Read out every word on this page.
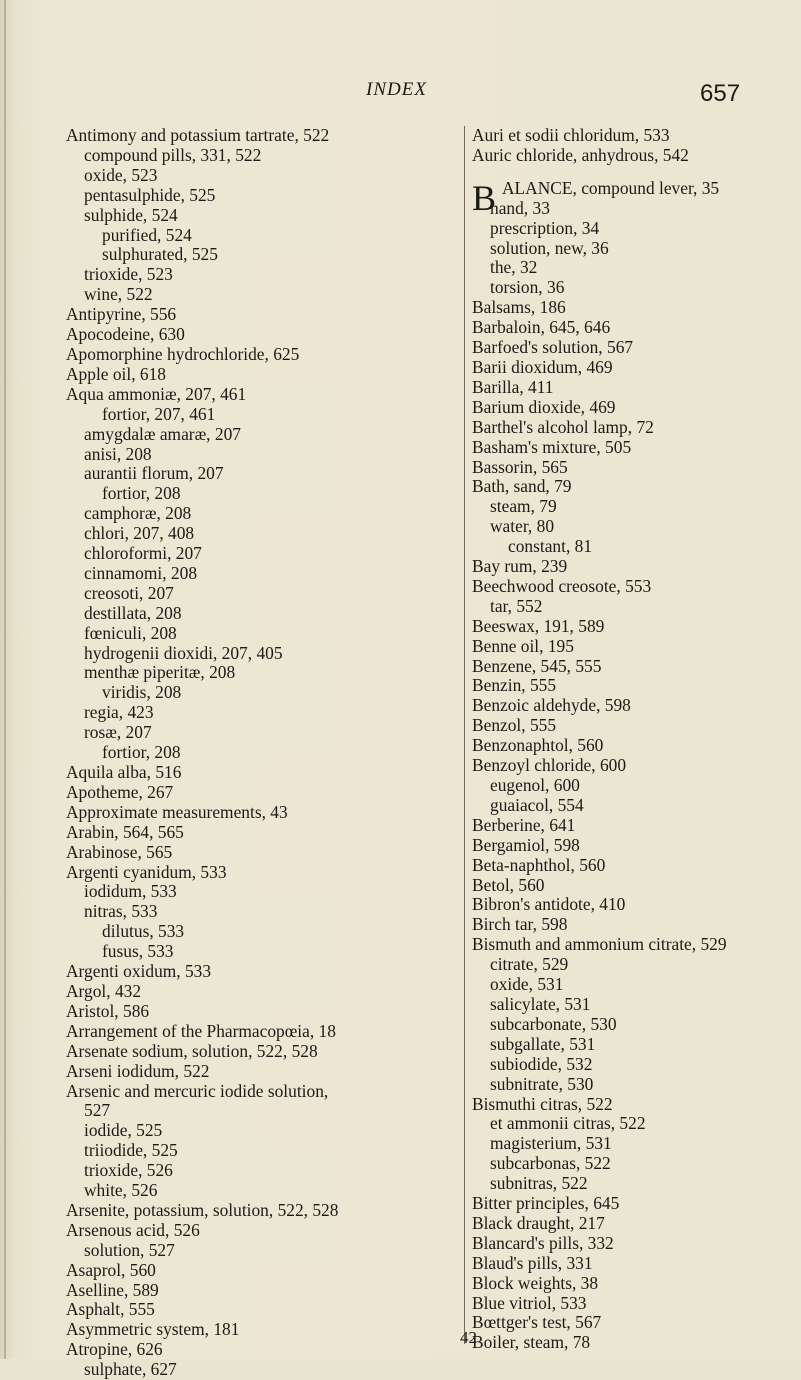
INDEX	657
Antimony and potassium tartrate, 522
compound pills, 331, 522
oxide, 523
pentasulphide, 525
sulphide, 524
purified, 524
sulphurated, 525
trioxide, 523
wine, 522
Antipyrine, 556
Apocodeine, 630
Apomorphine hydrochloride, 625
Apple oil, 618
Aqua ammoniæ, 207, 461
fortior, 207, 461
amygdalæ amaræ, 207
anisi, 208
aurantii florum, 207
fortior, 208
camphoræ, 208
chlori, 207, 408
chloroformi, 207
cinnamomi, 208
creosoti, 207
destillata, 208
fœniculi, 208
hydrogenii dioxidi, 207, 405
menthæ piperitæ, 208
viridis, 208
regia, 423
rosæ, 207
fortior, 208
Aquila alba, 516
Apotheme, 267
Approximate measurements, 43
Arabin, 564, 565
Arabinose, 565
Argenti cyanidum, 533
iodidum, 533
nitras, 533
dilutus, 533
fusus, 533
Argenti oxidum, 533
Argol, 432
Aristol, 586
Arrangement of the Pharmacopœia, 18
Arsenate sodium, solution, 522, 528
Arseni iodidum, 522
Arsenic and mercuric iodide solution,
527
iodide, 525
triiodide, 525
trioxide, 526
white, 526
Arsenite, potassium, solution, 522, 528
Arsenous acid, 526
solution, 527
Asaprol, 560
Aselline, 589
Asphalt, 555
Asymmetric system, 181
Atropine, 626
sulphate, 627
Auri et sodii chloridum, 533
Auric chloride, anhydrous, 542
B ALANCE, compound lever, 35
hand, 33
prescription, 34
solution, new, 36
the, 32
torsion, 36
Balsams, 186
Barbaloin, 645, 646
Barfoed's solution, 567
Barii dioxidum, 469
Barilla, 411
Barium dioxide, 469
Barthel's alcohol lamp, 72
Basham's mixture, 505
Bassorin, 565
Bath, sand, 79
steam, 79
water, 80
constant, 81
Bay rum, 239
Beechwood creosote, 553
tar, 552
Beeswax, 191, 589
Benne oil, 195
Benzene, 545, 555
Benzin, 555
Benzoic aldehyde, 598
Benzol, 555
Benzonaphtol, 560
Benzoyl chloride, 600
eugenol, 600
guaiacol, 554
Berberine, 641
Bergamiol, 598
Beta-naphthol, 560
Betol, 560
Bibron's antidote, 410
Birch tar, 598
Bismuth and ammonium citrate, 529
citrate, 529
oxide, 531
salicylate, 531
subcarbonate, 530
subgallate, 531
subiodide, 532
subnitrate, 530
Bismuthi citras, 522
et ammonii citras, 522
magisterium, 531
subcarbonas, 522
subnitras, 522
Bitter principles, 645
Black draught, 217
Blancard's pills, 332
Blaud's pills, 331
Block weights, 38
Blue vitriol, 533
Bœttger's test, 567
Boiler, steam, 78
42
